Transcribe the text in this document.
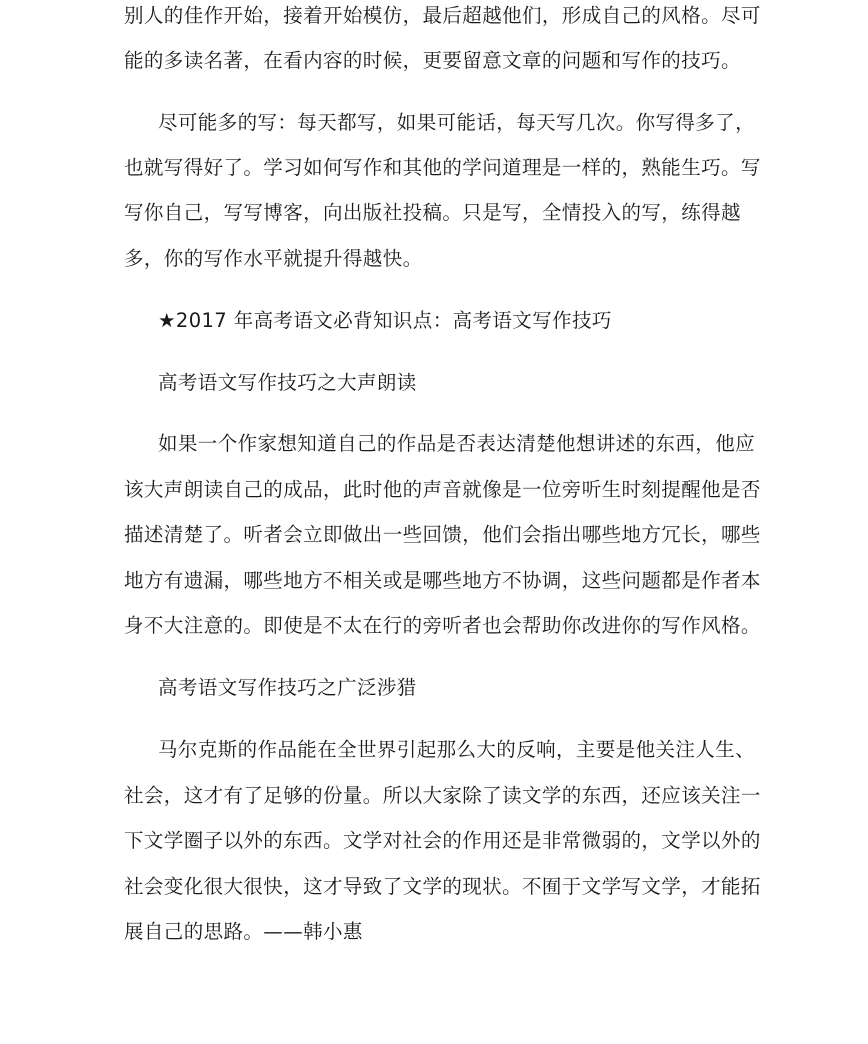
别人的佳作开始，接着开始模仿，最后超越他们，形成自己的风格。尽可
能的多读名著，在看内容的时候，更要留意文章的问题和写作的技巧。
尽可能多的写：每天都写，如果可能话，每天写几次。你写得多了，
也就写得好了。学习如何写作和其他的学问道理是一样的，熟能生巧。写
写你自己，写写博客，向出版社投稿。只是写，全情投入的写，练得越
多，你的写作水平就提升得越快。
★2017 年高考语文必背知识点：高考语文写作技巧
高考语文写作技巧之大声朗读
如果一个作家想知道自己的作品是否表达清楚他想讲述的东西，他应
该大声朗读自己的成品，此时他的声音就像是一位旁听生时刻提醒他是否
描述清楚了。听者会立即做出一些回馈，他们会指出哪些地方冗长，哪些
地方有遗漏，哪些地方不相关或是哪些地方不协调，这些问题都是作者本
身不大注意的。即使是不太在行的旁听者也会帮助你改进你的写作风格。
高考语文写作技巧之广泛涉猎
马尔克斯的作品能在全世界引起那么大的反响，主要是他关注人生、
社会，这才有了足够的份量。所以大家除了读文学的东西，还应该关注一
下文学圈子以外的东西。文学对社会的作用还是非常微弱的，文学以外的
社会变化很大很快，这才导致了文学的现状。不囿于文学写文学，才能拓
展自己的思路。——韩小惠
